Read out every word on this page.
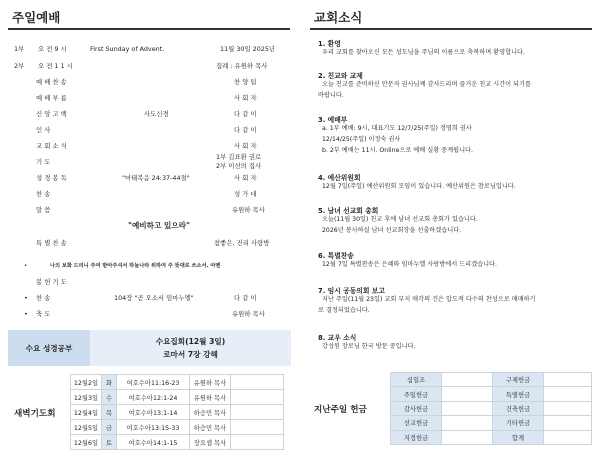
주일예배	교회소식
1부 오 전 9 시	First Sunday of Advent.	11월 30일 2025년
2부 오 전 1 1 시	집례 : 유원하 목사
예 배 찬 송	찬 양 팀
예 배 부 름	사 회 자
신 앙 고 백	사도신경	다 같 이
인 사	다 같 이
교 회 소 식	사 회 자
기 도
1부 김표환 권로
2부 이선의 집사
성 경 봉 독	"마태복음 24:37-44절"	사 회 자
찬 송	성 가 대
말 씀	유원하 목사
"예비하고 있으라"
특 별 찬 송	참좋은, 진리 사랑방
•	나의 보화 드리니 주여 받아주셔서 하늘나라 위하여 주 뜻대로 쓰소서. 아멘
봉 헌 기 도
• 찬 송	104장 "곧 오소서 임마누엘"	다 같 이
• 축 도	유원하 목사
수요 성경공부
수요집회(12월 3일)
로마서 7장 강해
새벽기도회
12월2일	화	여호수아11:16-23	유원하 목사	
12월3일	수	여호수아12:1-24	유원하 목사	
12월4일	목	여호수아13:1-14	하승민 목사	
12월5일	금	여호수아13:15-33	하승민 목사	
12월6일	토	여호수아14:1-15	장요셉 목사	
1. 환영
우리 교회를 찾아오신 모든 성도님을 주님의 이름으로 축복하며 환영합니다.
2. 친교와 교제
오늘 친교를 준비하신 안문자 권사님께 감사드리며 즐거운 친교 시간이 되기를
바랍니다.
3. 예배부
a. 1부 예배: 9시, 대표기도 12/7/25(주일) 정영희 권사
12/14/25(주일) 이정숙 권사
b. 2부 예배는 11시. Online으로 예배 실황 중계됩니다.
4. 예산위원회
12월 7일(주일) 예산위원회 모임이 있습니다. 예산위원은 참로님입니다.
5. 남녀 선교회 총회
오늘(11월 30일) 친교 후에 남녀 선교회 총회가 있습니다.
2026년 봉사하실 남녀 선교회장을 선출하겠습니다.
6. 특별찬송
12월 7일 특별찬송은 은혜와 임마누엘 사랑방에서 드리겠습니다.
7. 임시 공동의회 보고
지난 주일(11월 23일) 교회 부지 매각의 건은 압도적 다수의 찬성으로 매매하기
로 결정되었습니다.
8. 교우 소식
강성원 장로님 한국 방문 중입니다.
지난주일 헌금
십일조		구제헌금	
주일헌금		특별헌금	
감사헌금		건축헌금	
선교헌금		기타헌금	
지정헌금		합계	
